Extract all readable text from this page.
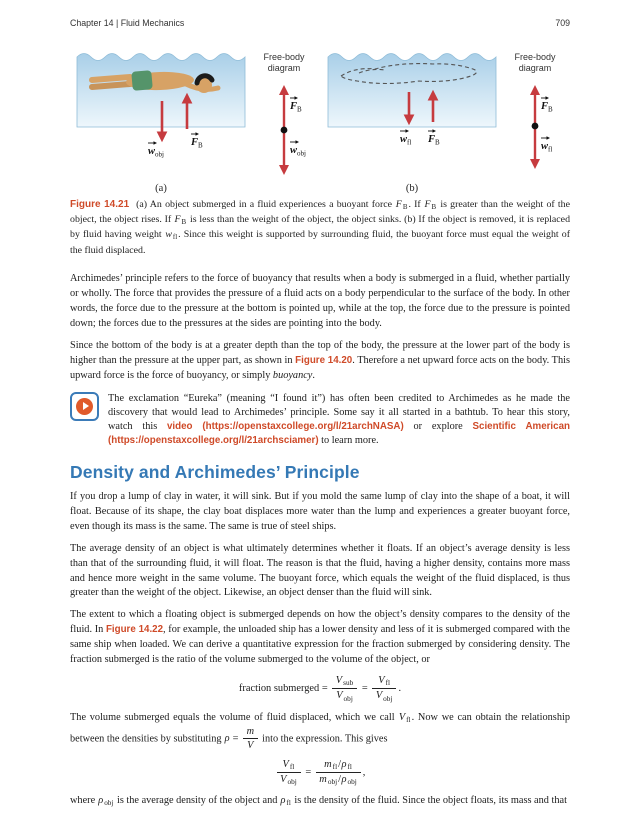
Chapter 14 | Fluid Mechanics	709
$F_B$
$w_{obj}$
Free-body
diagram
$F_B$
$w_{obj}$
(a)
$w_{fl}$ $F_B$
Free-body
diagram
$F_B$
$w_{fl}$
(b)

Figure 14.21 (a) An object submerged in a fluid experiences a buoyant force $F_B$. If $F_B$ is greater than the weight of the object, the object rises. If $F_B$ is less than the weight of the object, the object sinks. (b) If the object is removed, it is replaced by fluid having weight $w_{fl}$. Since this weight is supported by surrounding fluid, the buoyant force must equal the weight of the fluid displaced.

Archimedes’ principle refers to the force of buoyancy that results when a body is submerged in a fluid, whether partially or wholly. The force that provides the pressure of a fluid acts on a body perpendicular to the surface of the body. In other words, the force due to the pressure at the bottom is pointed up, while at the top, the force due to the pressure is pointed down; the forces due to the pressures at the sides are pointing into the body.

Since the bottom of the body is at a greater depth than the top of the body, the pressure at the lower part of the body is higher than the pressure at the upper part, as shown in Figure 14.20. Therefore a net upward force acts on the body. This upward force is the force of buoyancy, or simply buoyancy.

The exclamation “Eureka” (meaning “I found it”) has often been credited to Archimedes as he made the discovery that would lead to Archimedes’ principle. Some say it all started in a bathtub. To hear this story, watch this video (https://openstaxcollege.org/l/21archNASA) or explore Scientific American (https://openstaxcollege.org/l/21archsciamer) to learn more.

Density and Archimedes’ Principle

If you drop a lump of clay in water, it will sink. But if you mold the same lump of clay into the shape of a boat, it will float. Because of its shape, the clay boat displaces more water than the lump and experiences a greater buoyant force, even though its mass is the same. The same is true of steel ships.

The average density of an object is what ultimately determines whether it floats. If an object’s average density is less than that of the surrounding fluid, it will float. The reason is that the fluid, having a higher density, contains more mass and hence more weight in the same volume. The buoyant force, which equals the weight of the fluid displaced, is thus greater than the weight of the object. Likewise, an object denser than the fluid will sink.

The extent to which a floating object is submerged depends on how the object’s density compares to the density of the fluid. In Figure 14.22, for example, the unloaded ship has a lower density and less of it is submerged compared with the same ship when loaded. We can derive a quantitative expression for the fraction submerged by considering density. The fraction submerged is the ratio of the volume submerged to the volume of the object, or

fraction submerged = $\frac{V_{sub}}{V_{obj}} = \frac{V_{fl}}{V_{obj}}$ .

The volume submerged equals the volume of fluid displaced, which we call $V_{fl}$. Now we can obtain the relationship between the densities by substituting $\rho = \frac{m}{V}$ into the expression. This gives

$\frac{V_{fl}}{V_{obj}} = \frac{m_{fl}/\rho_{fl}}{m_{obj}/\rho_{obj}}$ ,

where $\rho_{obj}$ is the average density of the object and $\rho_{fl}$ is the density of the fluid. Since the object floats, its mass and that
